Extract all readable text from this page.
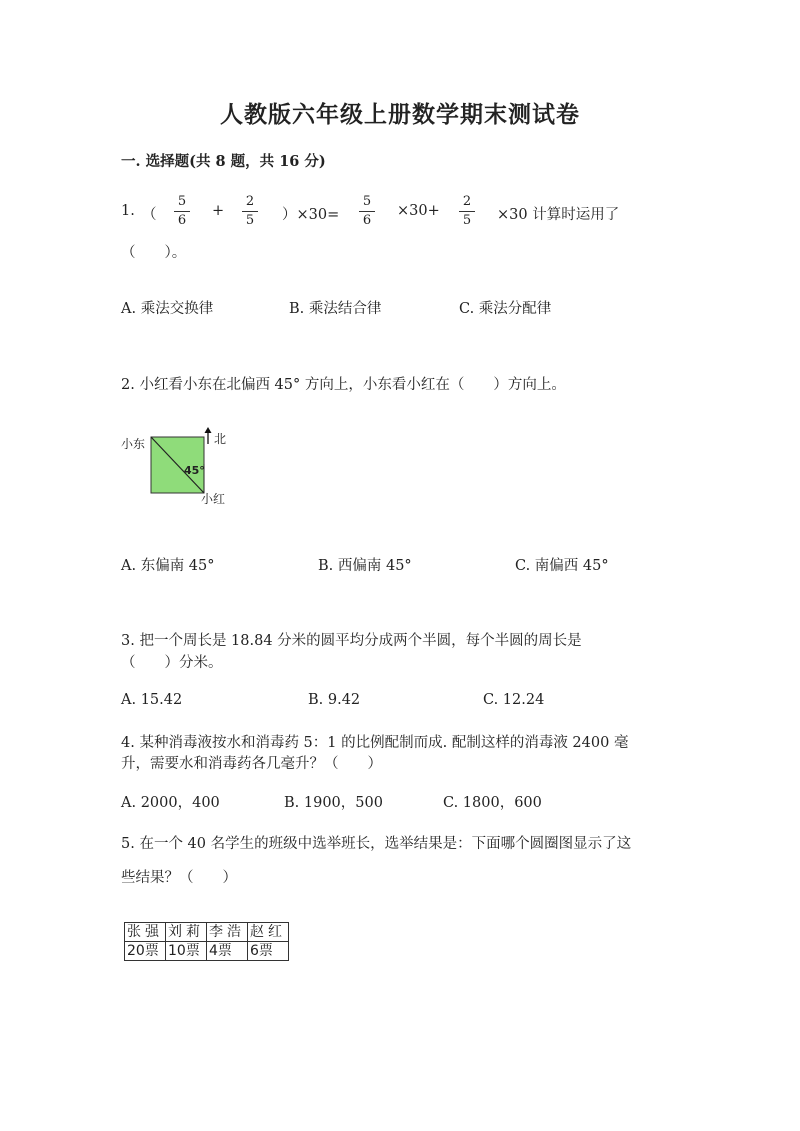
人教版六年级上册数学期末测试卷
一. 选择题(共 8 题，共 16 分)
1. （
5
6
+
2
5	）×30=
5
6
×30+
2
5	×30 计算时运用了
（　　）。
A. 乘法交换律	B. 乘法结合律	C. 乘法分配律
2. 小红看小东在北偏西 45° 方向上，小东看小红在（　　）方向上。
小东	北
小红
45°
A. 东偏南 45°	B. 西偏南 45°	C. 南偏西 45°
3. 把一个周长是 18.84 分米的圆平均分成两个半圆，每个半圆的周长是
（　　）分米。
A. 15.42	B. 9.42	C. 12.24
4. 某种消毒液按水和消毒药 5：1 的比例配制而成. 配制这样的消毒液 2400 毫
升，需要水和消毒药各几毫升？（　　）
A. 2000，400	B. 1900，500	C. 1800，600
5. 在一个 40 名学生的班级中选举班长，选举结果是：下面哪个圆圈图显示了这
些结果？（　　）
张强	刘莉	李浩	赵红
20票	10票	4票	6票
